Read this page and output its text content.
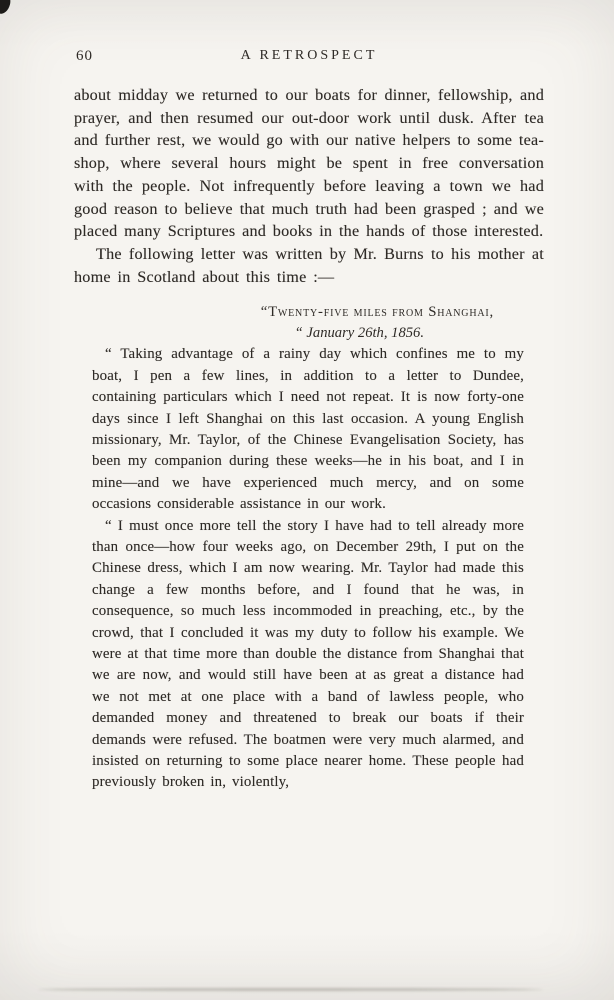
60	A RETROSPECT

about midday we returned to our boats for dinner, fellowship, and prayer, and then resumed our out-door work until dusk. After tea and further rest, we would go with our native helpers to some tea-shop, where several hours might be spent in free conversation with the people. Not infrequently before leaving a town we had good reason to believe that much truth had been grasped ; and we placed many Scriptures and books in the hands of those interested.

The following letter was written by Mr. Burns to his mother at home in Scotland about this time :—

“Twenty-five miles from Shanghai,
“ January 26th, 1856.

“ Taking advantage of a rainy day which confines me to my boat, I pen a few lines, in addition to a letter to Dundee, containing particulars which I need not repeat. It is now forty-one days since I left Shanghai on this last occasion. A young English missionary, Mr. Taylor, of the Chinese Evangelisation Society, has been my companion during these weeks—he in his boat, and I in mine—and we have experienced much mercy, and on some occasions considerable assistance in our work.

“ I must once more tell the story I have had to tell already more than once—how four weeks ago, on December 29th, I put on the Chinese dress, which I am now wearing. Mr. Taylor had made this change a few months before, and I found that he was, in consequence, so much less incommoded in preaching, etc., by the crowd, that I concluded it was my duty to follow his example. We were at that time more than double the distance from Shanghai that we are now, and would still have been at as great a distance had we not met at one place with a band of lawless people, who demanded money and threatened to break our boats if their demands were refused. The boatmen were very much alarmed, and insisted on returning to some place nearer home. These people had previously broken in, violently,
